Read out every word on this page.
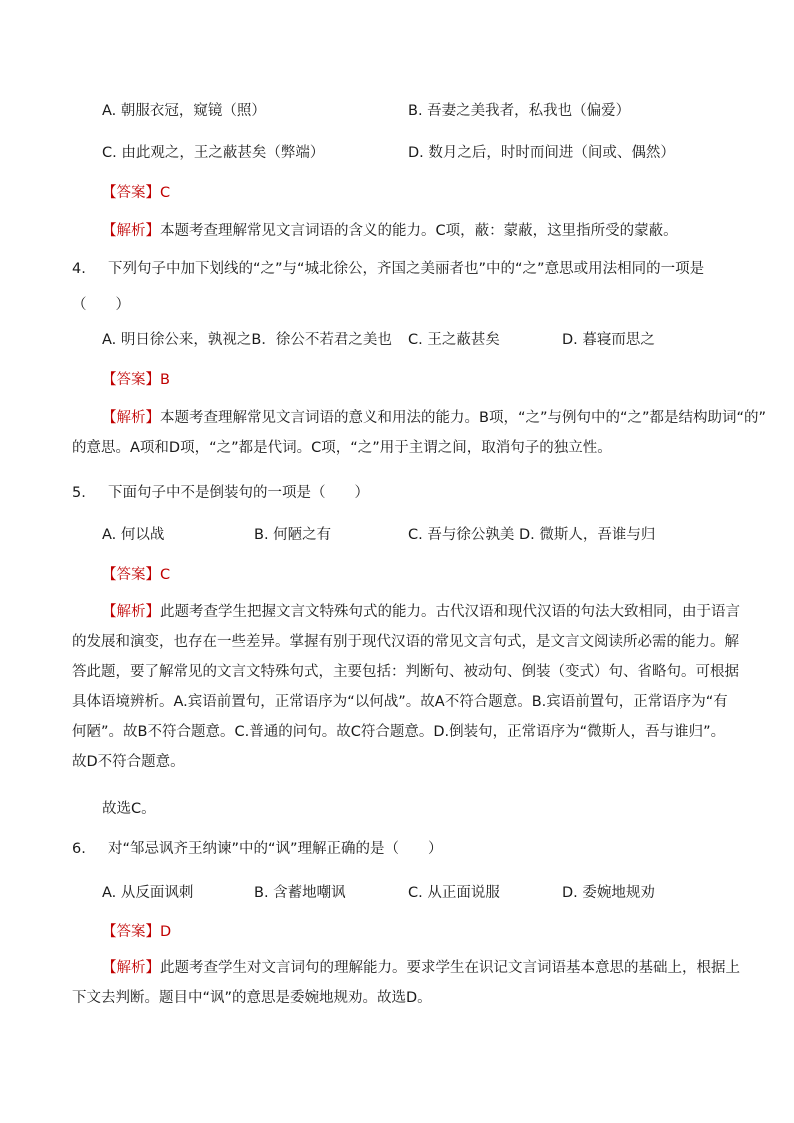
A. 朝服衣冠，窥镜（照）	B. 吾妻之美我者，私我也（偏爱）
C. 由此观之，王之蔽甚矣（弊端）	D. 数月之后，时时而间进（间或、偶然）
【答案】C
【解析】本题考查理解常见文言词语的含义的能力。C项，蔽：蒙蔽，这里指所受的蒙蔽。
4. 下列句子中加下划线的“之”与“城北徐公，齐国之美丽者也”中的“之”意思或用法相同的一项是
（　　）
A. 明日徐公来，孰视之B．徐公不若君之美也 C. 王之蔽甚矣	D. 暮寝而思之
【答案】B
【解析】本题考查理解常见文言词语的意义和用法的能力。B项，“之”与例句中的“之”都是结构助词“的”
的意思。A项和D项，“之”都是代词。C项，“之”用于主谓之间，取消句子的独立性。
5. 下面句子中不是倒装句的一项是（　　）
A. 何以战	B. 何陋之有	C. 吾与徐公孰美 D. 微斯人，吾谁与归
【答案】C
【解析】此题考查学生把握文言文特殊句式的能力。古代汉语和现代汉语的句法大致相同，由于语言
的发展和演变，也存在一些差异。掌握有别于现代汉语的常见文言句式，是文言文阅读所必需的能力。解
答此题，要了解常见的文言文特殊句式，主要包括：判断句、被动句、倒装（变式）句、省略句。可根据
具体语境辨析。A.宾语前置句，正常语序为“以何战”。故A不符合题意。B.宾语前置句，正常语序为“有
何陋”。故B不符合题意。C.普通的问句。故C符合题意。D.倒装句，正常语序为“微斯人，吾与谁归”。
故D不符合题意。
故选C。
6. 对“邹忌讽齐王纳谏”中的“讽”理解正确的是（　　）
A. 从反面讽刺	B. 含蓄地嘲讽	C. 从正面说服	D. 委婉地规劝
【答案】D
【解析】此题考查学生对文言词句的理解能力。要求学生在识记文言词语基本意思的基础上，根据上
下文去判断。题目中“讽”的意思是委婉地规劝。故选D。
